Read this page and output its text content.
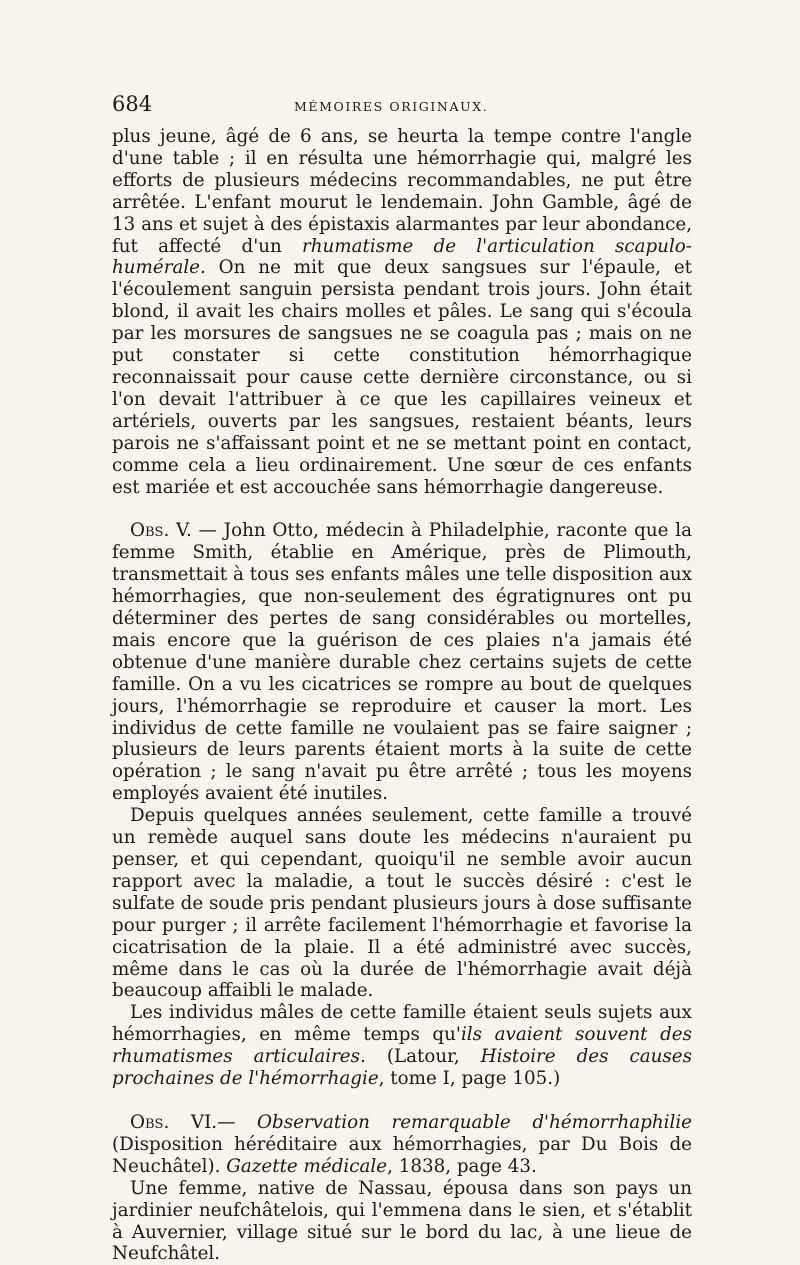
684	MÉMOIRES ORIGINAUX.

plus jeune, âgé de 6 ans, se heurta la tempe contre l'angle d'une table ; il en résulta une hémorrhagie qui, malgré les efforts de plusieurs médecins recommandables, ne put être arrêtée. L'enfant mourut le lendemain. John Gamble, âgé de 13 ans et sujet à des épistaxis alarmantes par leur abondance, fut affecté d'un rhumatisme de l'articulation scapulo-humérale. On ne mit que deux sangsues sur l'épaule, et l'écoulement sanguin persista pendant trois jours. John était blond, il avait les chairs molles et pâles. Le sang qui s'écoula par les morsures de sangsues ne se coagula pas ; mais on ne put constater si cette constitution hémorrhagique reconnaissait pour cause cette dernière circonstance, ou si l'on devait l'attribuer à ce que les capillaires veineux et artériels, ouverts par les sangsues, restaient béants, leurs parois ne s'affaissant point et ne se mettant point en contact, comme cela a lieu ordinairement. Une sœur de ces enfants est mariée et est accouchée sans hémorrhagie dangereuse.

Obs. V. — John Otto, médecin à Philadelphie, raconte que la femme Smith, établie en Amérique, près de Plimouth, transmettait à tous ses enfants mâles une telle disposition aux hémorrhagies, que non-seulement des égratignures ont pu déterminer des pertes de sang considérables ou mortelles, mais encore que la guérison de ces plaies n'a jamais été obtenue d'une manière durable chez certains sujets de cette famille. On a vu les cicatrices se rompre au bout de quelques jours, l'hémorrhagie se reproduire et causer la mort. Les individus de cette famille ne voulaient pas se faire saigner ; plusieurs de leurs parents étaient morts à la suite de cette opération ; le sang n'avait pu être arrêté ; tous les moyens employés avaient été inutiles.

Depuis quelques années seulement, cette famille a trouvé un remède auquel sans doute les médecins n'auraient pu penser, et qui cependant, quoiqu'il ne semble avoir aucun rapport avec la maladie, a tout le succès désiré : c'est le sulfate de soude pris pendant plusieurs jours à dose suffisante pour purger ; il arrête facilement l'hémorrhagie et favorise la cicatrisation de la plaie. Il a été administré avec succès, même dans le cas où la durée de l'hémorrhagie avait déjà beaucoup affaibli le malade.

Les individus mâles de cette famille étaient seuls sujets aux hémorrhagies, en même temps qu'ils avaient souvent des rhumatismes articulaires. (Latour, Histoire des causes prochaines de l'hémorrhagie, tome I, page 105.)

Obs. VI.— Observation remarquable d'hémorrhaphilie (Disposition héréditaire aux hémorrhagies, par Du Bois de Neuchâtel). Gazette médicale, 1838, page 43.

Une femme, native de Nassau, épousa dans son pays un jardinier neufchâtelois, qui l'emmena dans le sien, et s'établit à Auvernier, village situé sur le bord du lac, à une lieue de Neufchâtel.
